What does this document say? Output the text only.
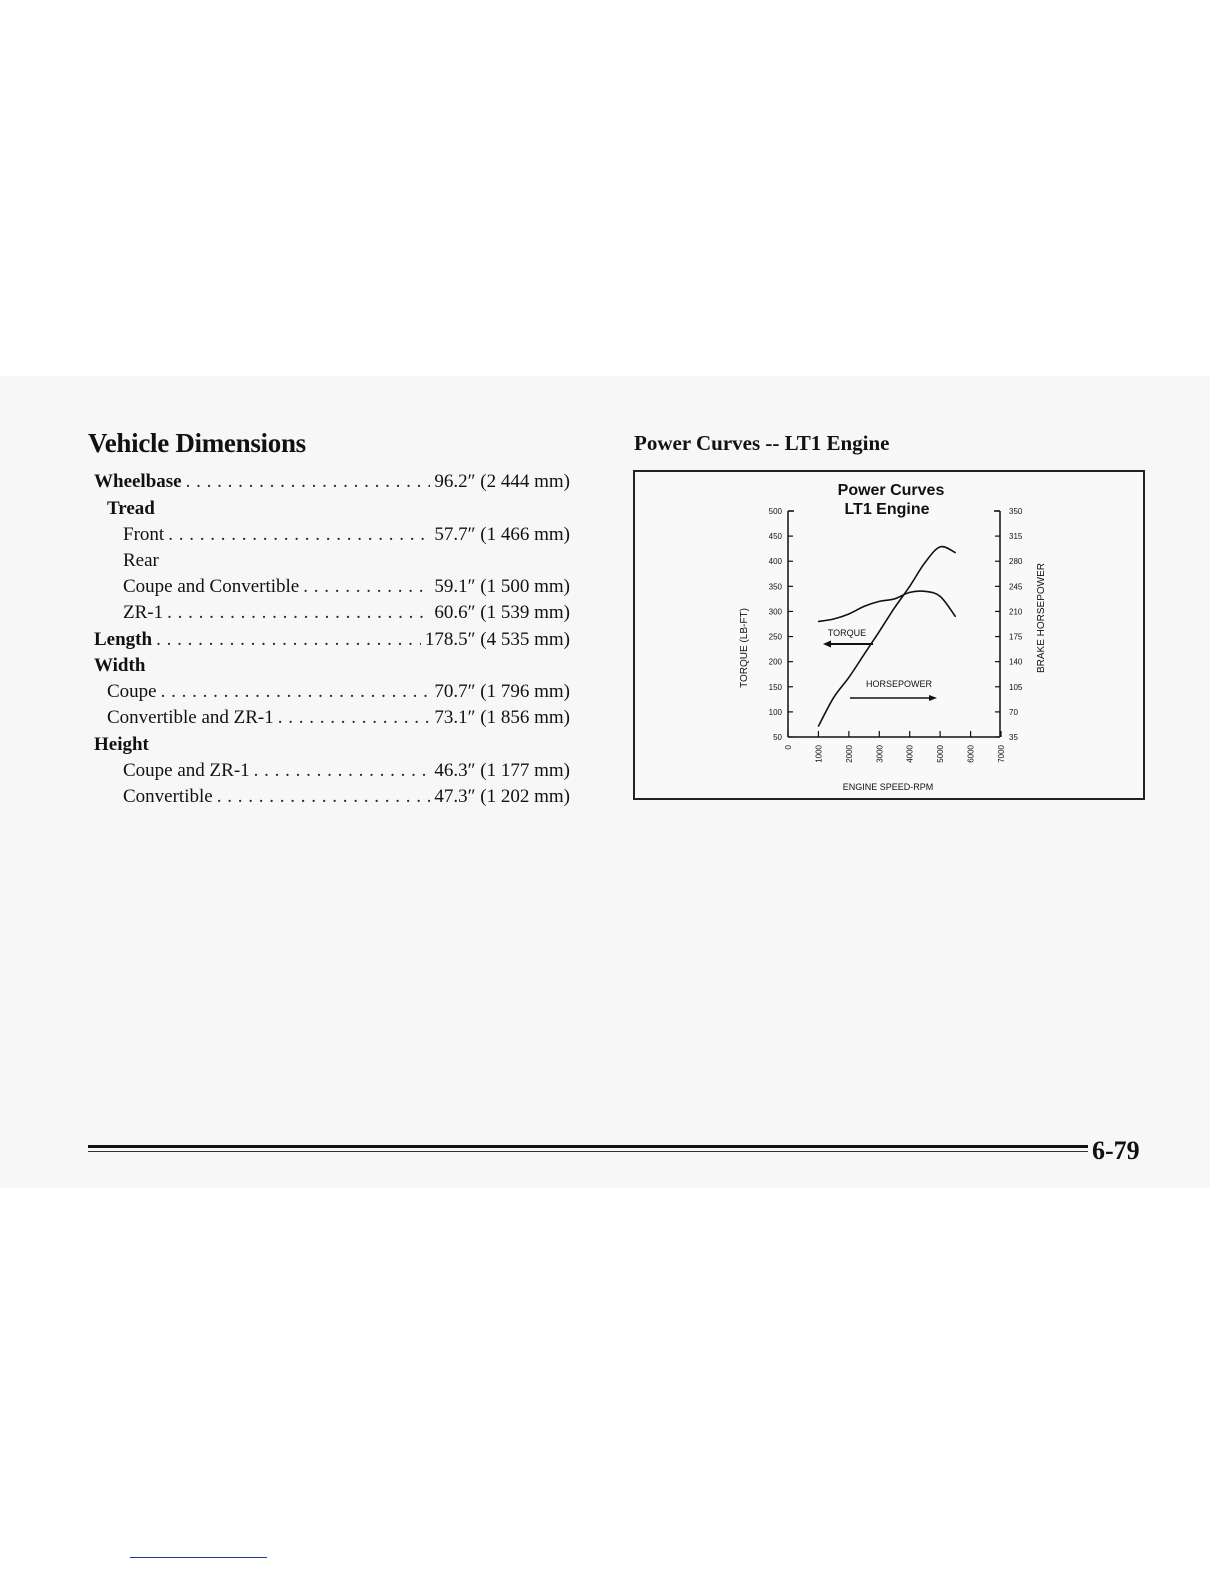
Vehicle Dimensions
Wheelbase . . .	96.2″ (2 444 mm)
Tread
Front . . .	57.7″ (1 466 mm)
Rear
Coupe and Convertible . . .	59.1″ (1 500 mm)
ZR-1 . . .	60.6″ (1 539 mm)
Length . . .	178.5″ (4 535 mm)
Width
Coupe . . .	70.7″ (1 796 mm)
Convertible and ZR-1 . . .	73.1″ (1 856 mm)
Height
Coupe and ZR-1 . . .	46.3″ (1 177 mm)
Convertible . . .	47.3″ (1 202 mm)
Power Curves -- LT1 Engine
Power Curves
LT1 Engine
500
450
400
350
300
250
200
150
100
50
350
315
280
245
210
175
140
105
70
35
0	1000	2000	3000	4000	5000	6000	7000
TORQUE
HORSEPOWER
ENGINE SPEED-RPM
TORQUE (LB-FT)	BRAKE HORSEPOWER
6-79
